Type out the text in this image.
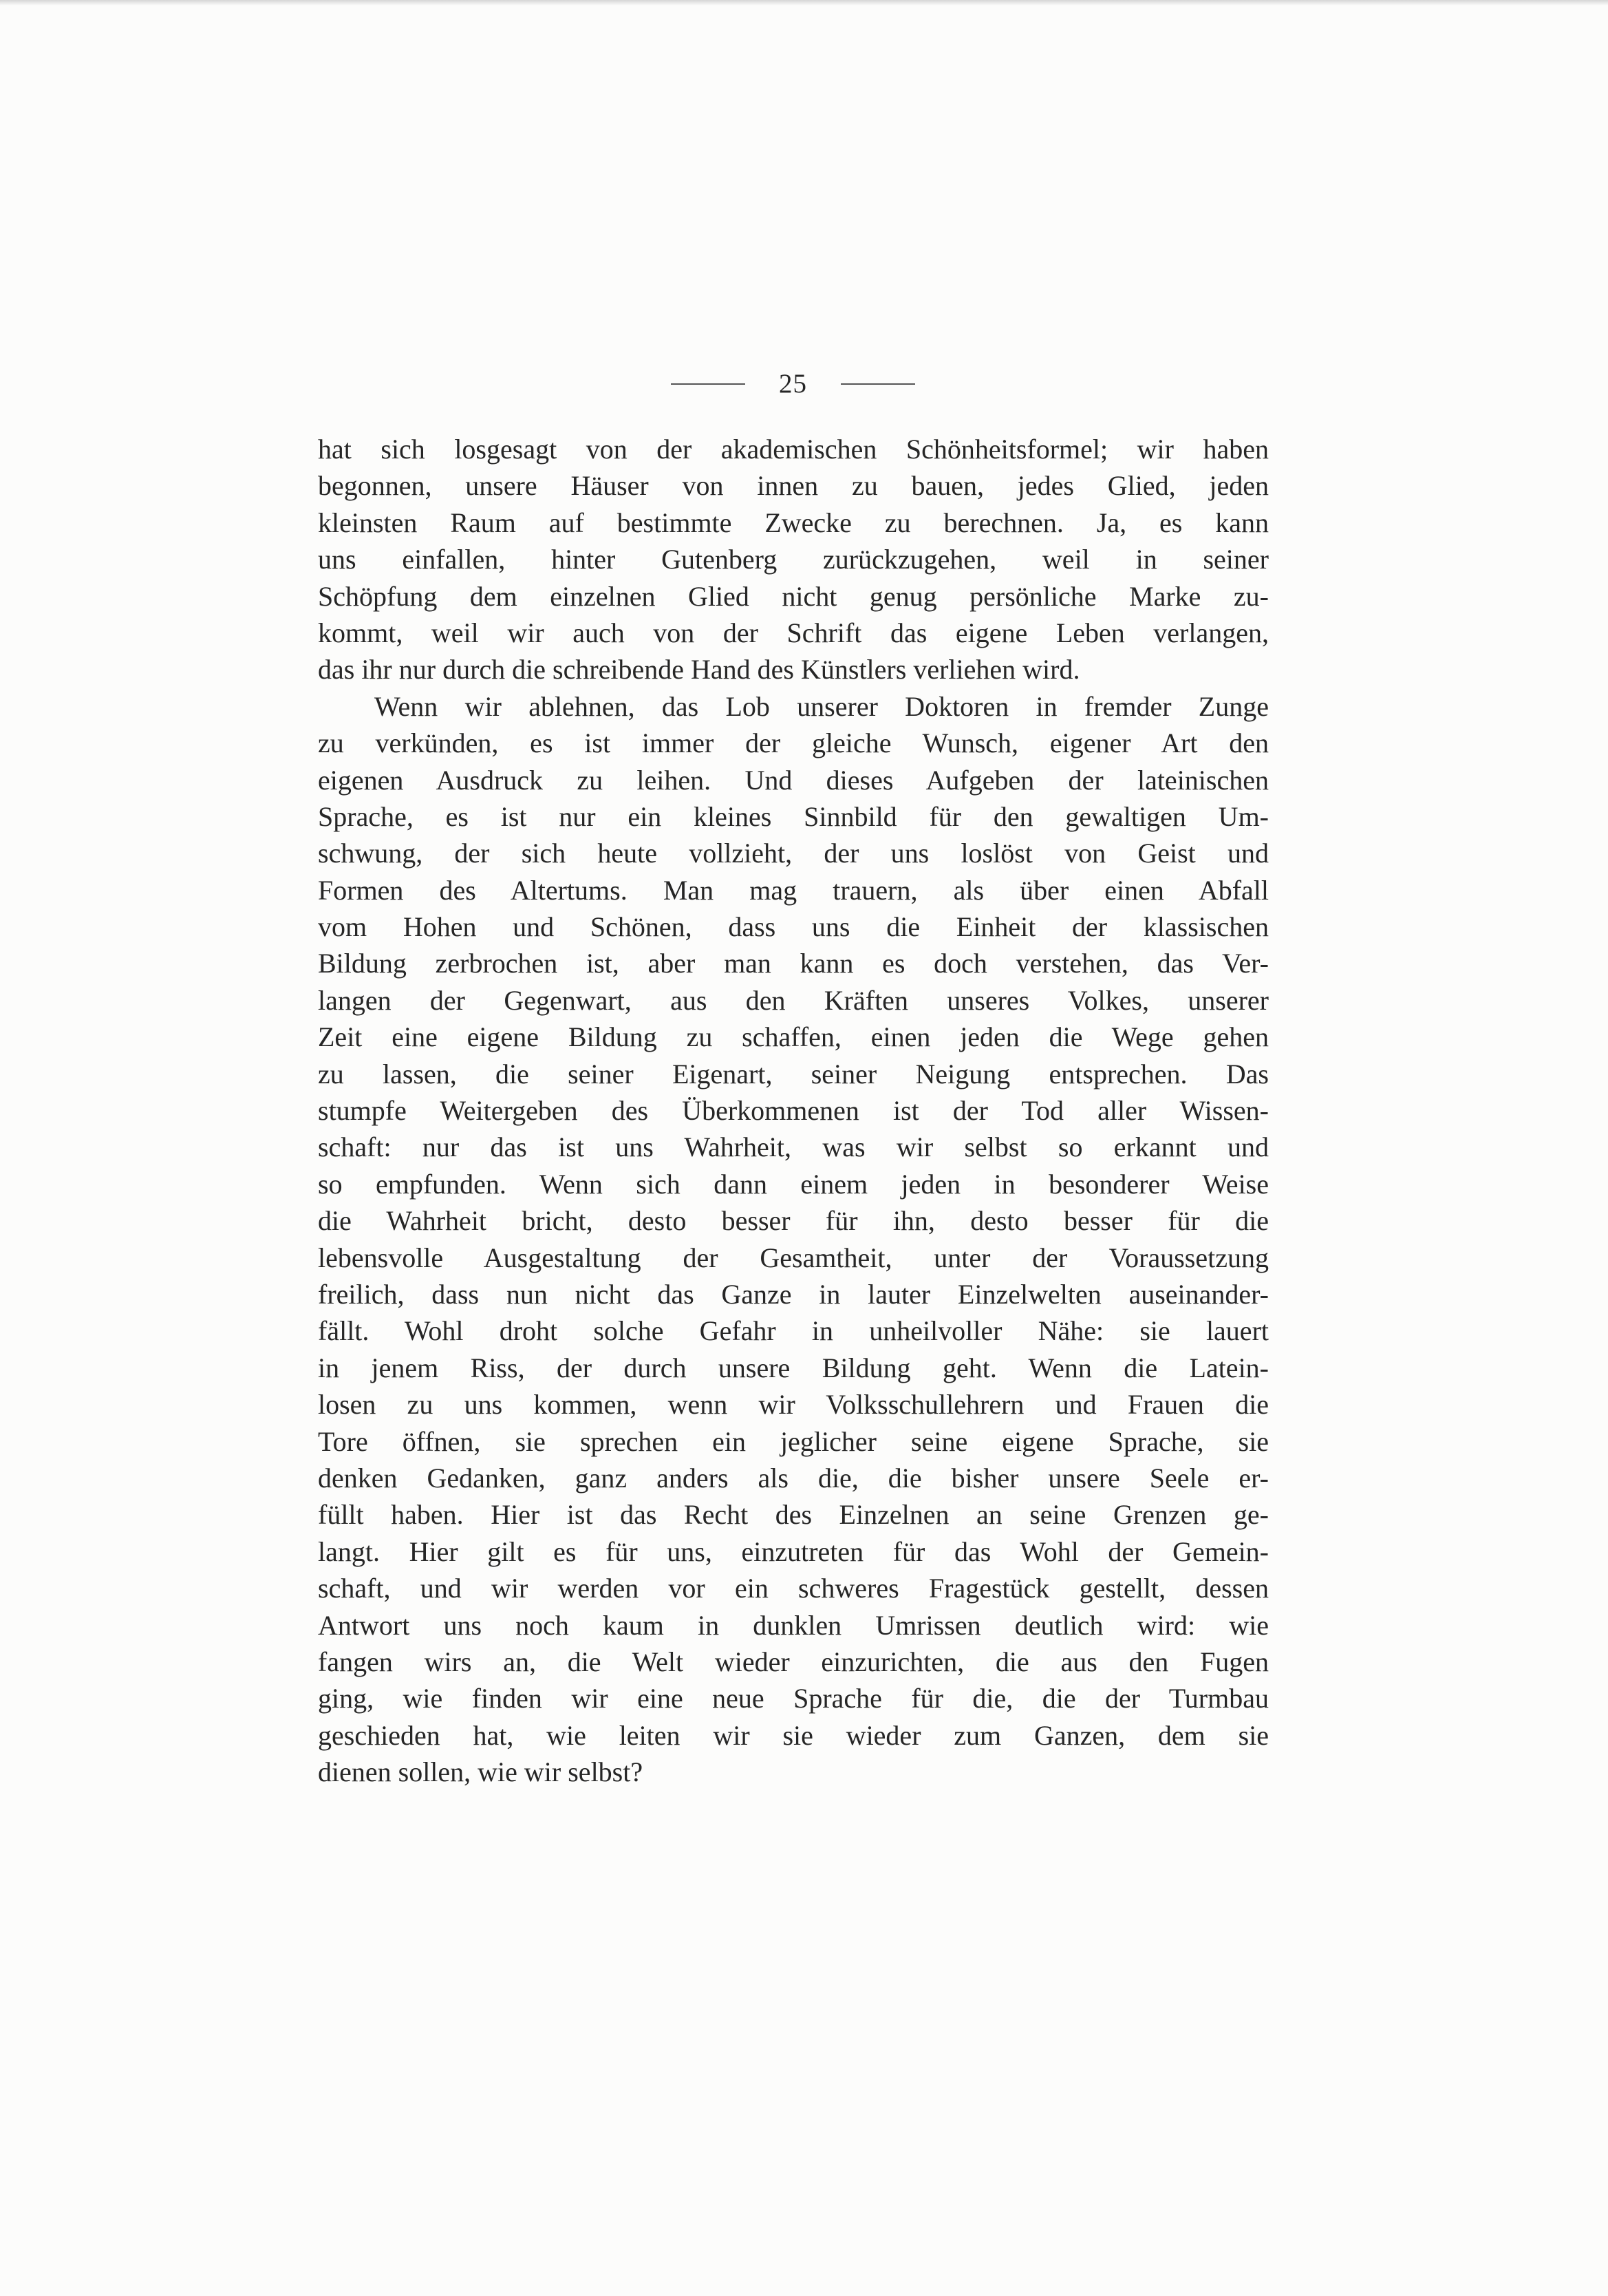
25
hat sich losgesagt von der akademischen Schönheitsformel; wir haben
begonnen, unsere Häuser von innen zu bauen, jedes Glied, jeden
kleinsten Raum auf bestimmte Zwecke zu berechnen. Ja, es kann
uns einfallen, hinter Gutenberg zurückzugehen, weil in seiner
Schöpfung dem einzelnen Glied nicht genug persönliche Marke zu-
kommt, weil wir auch von der Schrift das eigene Leben verlangen,
das ihr nur durch die schreibende Hand des Künstlers verliehen wird.
Wenn wir ablehnen, das Lob unserer Doktoren in fremder Zunge
zu verkünden, es ist immer der gleiche Wunsch, eigener Art den
eigenen Ausdruck zu leihen. Und dieses Aufgeben der lateinischen
Sprache, es ist nur ein kleines Sinnbild für den gewaltigen Um-
schwung, der sich heute vollzieht, der uns loslöst von Geist und
Formen des Altertums. Man mag trauern, als über einen Abfall
vom Hohen und Schönen, dass uns die Einheit der klassischen
Bildung zerbrochen ist, aber man kann es doch verstehen, das Ver-
langen der Gegenwart, aus den Kräften unseres Volkes, unserer
Zeit eine eigene Bildung zu schaffen, einen jeden die Wege gehen
zu lassen, die seiner Eigenart, seiner Neigung entsprechen. Das
stumpfe Weitergeben des Überkommenen ist der Tod aller Wissen-
schaft: nur das ist uns Wahrheit, was wir selbst so erkannt und
so empfunden. Wenn sich dann einem jeden in besonderer Weise
die Wahrheit bricht, desto besser für ihn, desto besser für die
lebensvolle Ausgestaltung der Gesamtheit, unter der Voraussetzung
freilich, dass nun nicht das Ganze in lauter Einzelwelten auseinander-
fällt. Wohl droht solche Gefahr in unheilvoller Nähe: sie lauert
in jenem Riss, der durch unsere Bildung geht. Wenn die Latein-
losen zu uns kommen, wenn wir Volksschullehrern und Frauen die
Tore öffnen, sie sprechen ein jeglicher seine eigene Sprache, sie
denken Gedanken, ganz anders als die, die bisher unsere Seele er-
füllt haben. Hier ist das Recht des Einzelnen an seine Grenzen ge-
langt. Hier gilt es für uns, einzutreten für das Wohl der Gemein-
schaft, und wir werden vor ein schweres Fragestück gestellt, dessen
Antwort uns noch kaum in dunklen Umrissen deutlich wird: wie
fangen wirs an, die Welt wieder einzurichten, die aus den Fugen
ging, wie finden wir eine neue Sprache für die, die der Turmbau
geschieden hat, wie leiten wir sie wieder zum Ganzen, dem sie
dienen sollen, wie wir selbst?
